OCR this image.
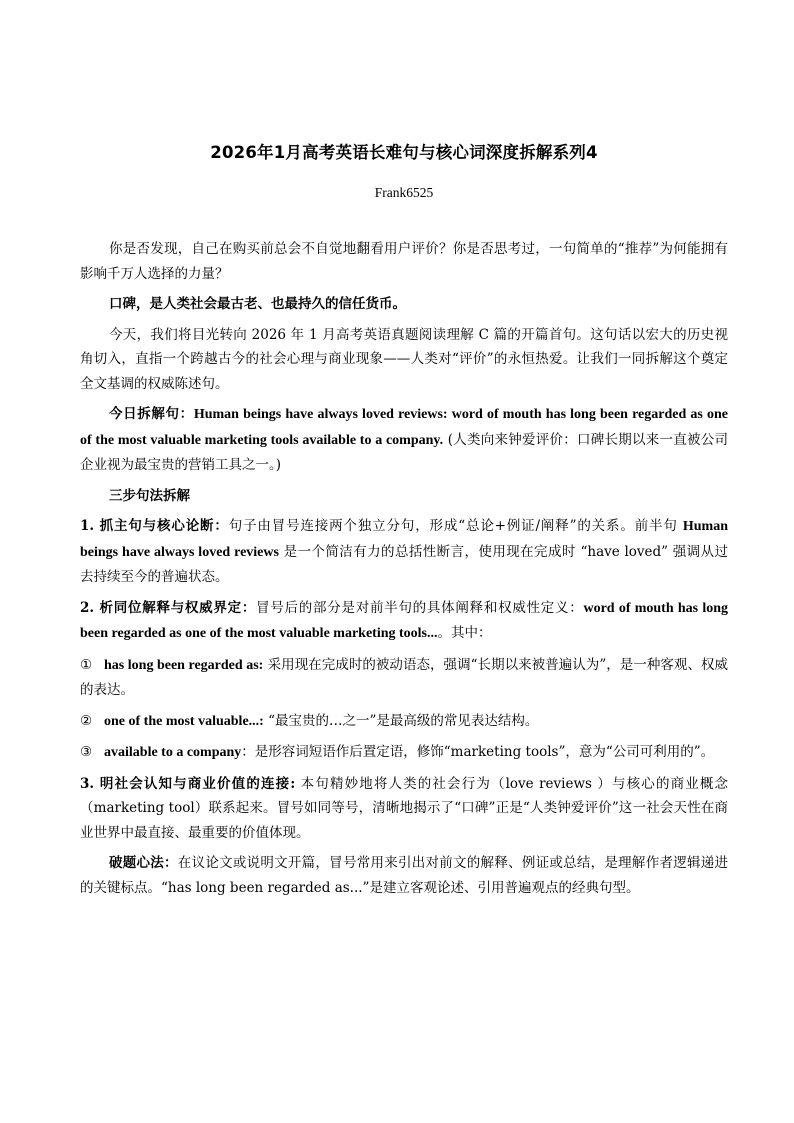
2026年1月高考英语长难句与核心词深度拆解系列4
Frank6525

你是否发现，自己在购买前总会不自觉地翻看用户评价？你是否思考过，一句简单的“推荐”为何能拥有影响千万人选择的力量？

口碑，是人类社会最古老、也最持久的信任货币。

今天，我们将目光转向 2026 年 1 月高考英语真题阅读理解 C 篇的开篇首句。这句话以宏大的历史视角切入，直指一个跨越古今的社会心理与商业现象——人类对“评价”的永恒热爱。让我们一同拆解这个奠定全文基调的权威陈述句。

今日拆解句：Human beings have always loved reviews: word of mouth has long been regarded as one of the most valuable marketing tools available to a company. (人类向来钟爱评价：口碑长期以来一直被公司企业视为最宝贵的营销工具之一。)

三步句法拆解

1. 抓主句与核心论断：句子由冒号连接两个独立分句，形成“总论+例证/阐释”的关系。前半句 Human beings have always loved reviews 是一个简洁有力的总括性断言，使用现在完成时 “have loved” 强调从过去持续至今的普遍状态。

2. 析同位解释与权威界定：冒号后的部分是对前半句的具体阐释和权威性定义：word of mouth has long been regarded as one of the most valuable marketing tools...。其中：

① has long been regarded as: 采用现在完成时的被动语态，强调“长期以来被普遍认为”，是一种客观、权威的表达。

② one of the most valuable...: “最宝贵的…之一”是最高级的常见表达结构。

③ available to a company：是形容词短语作后置定语，修饰“marketing tools”，意为“公司可利用的”。

3. 明社会认知与商业价值的连接: 本句精妙地将人类的社会行为（love reviews ）与核心的商业概念（marketing tool）联系起来。冒号如同等号，清晰地揭示了“口碑”正是“人类钟爱评价”这一社会天性在商业世界中最直接、最重要的价值体现。

破题心法：在议论文或说明文开篇，冒号常用来引出对前文的解释、例证或总结，是理解作者逻辑递进的关键标点。“has long been regarded as...”是建立客观论述、引用普遍观点的经典句型。
